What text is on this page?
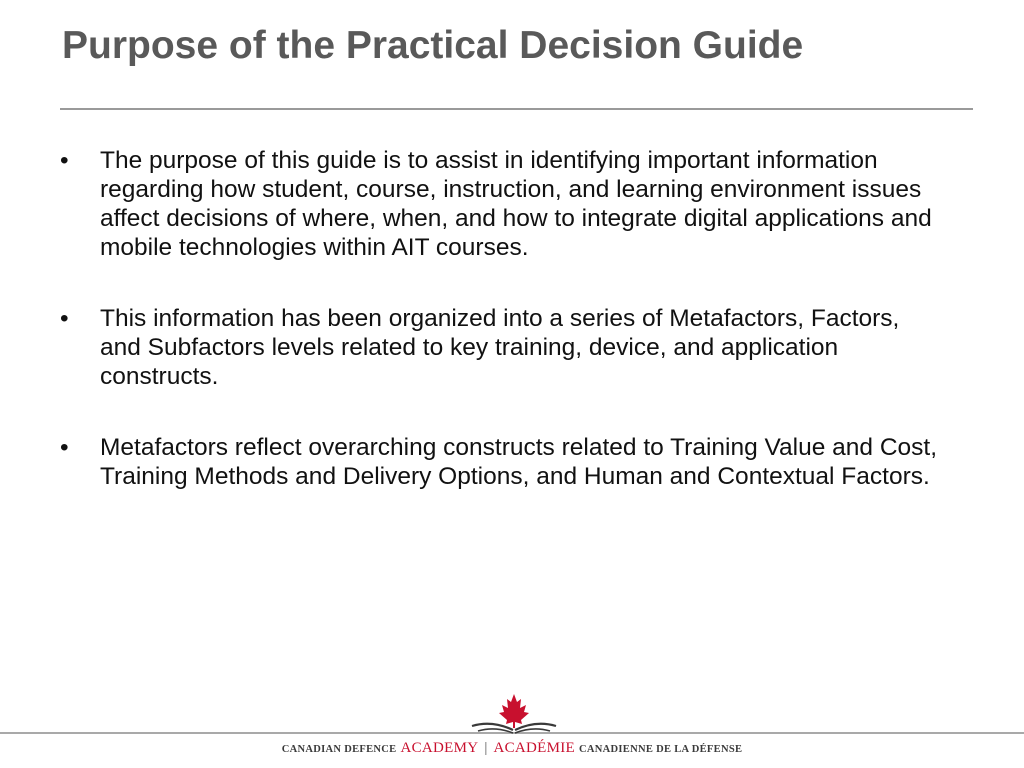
Purpose of the Practical Decision Guide
• The purpose of this guide is to assist in identifying important information regarding how student, course, instruction, and learning environment issues affect decisions of where, when, and how to integrate digital applications and mobile technologies within AIT courses.
• This information has been organized into a series of Metafactors, Factors, and Subfactors levels related to key training, device, and application constructs.
• Metafactors reflect overarching constructs related to Training Value and Cost, Training Methods and Delivery Options, and Human and Contextual Factors.
CANADIAN DEFENCE ACADEMY | ACADÉMIE CANADIENNE DE LA DÉFENSE
